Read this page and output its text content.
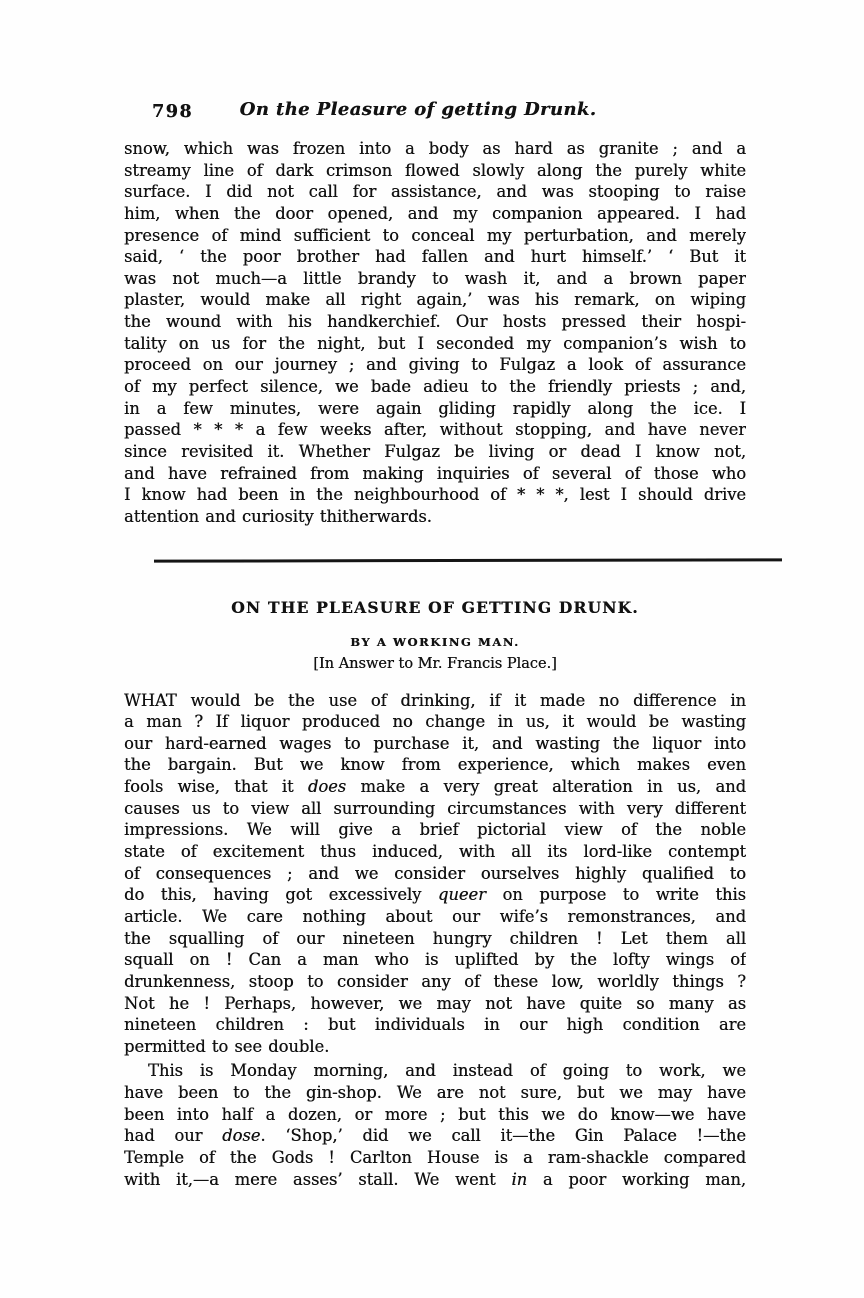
798	On the Pleasure of getting Drunk.
snow, which was frozen into a body as hard as granite ; and a
streamy line of dark crimson flowed slowly along the purely white
surface. I did not call for assistance, and was stooping to raise
him, when the door opened, and my companion appeared. I had
presence of mind sufficient to conceal my perturbation, and merely
said, ‘ the poor brother had fallen and hurt himself.’ ‘ But it
was not much—a little brandy to wash it, and a brown paper
plaster, would make all right again,’ was his remark, on wiping
the wound with his handkerchief. Our hosts pressed their hospi-
tality on us for the night, but I seconded my companion’s wish to
proceed on our journey ; and giving to Fulgaz a look of assurance
of my perfect silence, we bade adieu to the friendly priests ; and,
in a few minutes, were again gliding rapidly along the ice. I
passed * * * a few weeks after, without stopping, and have never
since revisited it. Whether Fulgaz be living or dead I know not,
and have refrained from making inquiries of several of those who
I know had been in the neighbourhood of * * *, lest I should drive
attention and curiosity thitherwards.
ON THE PLEASURE OF GETTING DRUNK.
BY A WORKING MAN.
[In Answer to Mr. Francis Place.]
WHAT would be the use of drinking, if it made no difference in
a man ? If liquor produced no change in us, it would be wasting
our hard-earned wages to purchase it, and wasting the liquor into
the bargain. But we know from experience, which makes even
fools wise, that it does make a very great alteration in us, and
causes us to view all surrounding circumstances with very different
impressions. We will give a brief pictorial view of the noble
state of excitement thus induced, with all its lord-like contempt
of consequences ; and we consider ourselves highly qualified to
do this, having got excessively queer on purpose to write this
article. We care nothing about our wife’s remonstrances, and
the squalling of our nineteen hungry children ! Let them all
squall on ! Can a man who is uplifted by the lofty wings of
drunkenness, stoop to consider any of these low, worldly things ?
Not he ! Perhaps, however, we may not have quite so many as
nineteen children : but individuals in our high condition are
permitted to see double.
This is Monday morning, and instead of going to work, we
have been to the gin-shop. We are not sure, but we may have
been into half a dozen, or more ; but this we do know—we have
had our dose. ‘Shop,’ did we call it—the Gin Palace !—the
Temple of the Gods ! Carlton House is a ram-shackle compared
with it,—a mere asses’ stall. We went in a poor working man,
